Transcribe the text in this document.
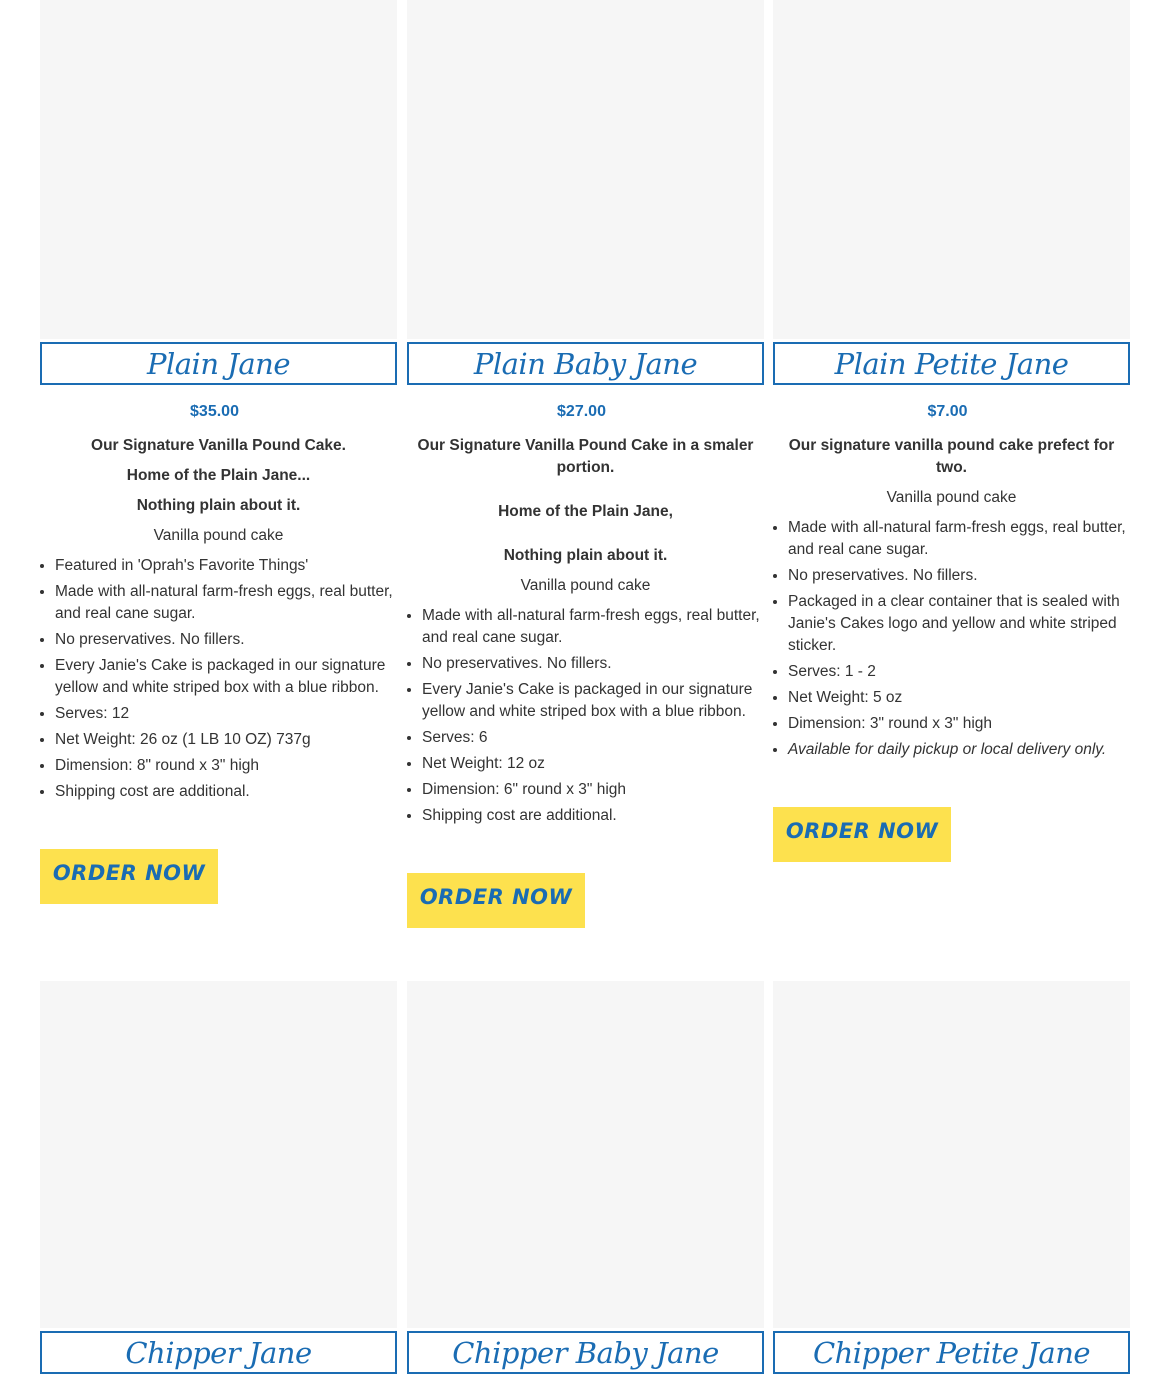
Plain Jane
$35.00

Our Signature Vanilla Pound Cake.

Home of the Plain Jane...

Nothing plain about it.

Vanilla pound cake

• Featured in 'Oprah's Favorite Things'
• Made with all-natural farm-fresh eggs, real butter, and real cane sugar.
• No preservatives. No fillers.
• Every Janie's Cake is packaged in our signature yellow and white striped box with a blue ribbon.
• Serves: 12
• Net Weight: 26 oz (1 LB 10 OZ) 737g
• Dimension: 8" round x 3" high
• Shipping cost are additional.
ORDER NOW
Plain Baby Jane
$27.00

Our Signature Vanilla Pound Cake in a smaler portion.

Home of the Plain Jane,

Nothing plain about it.

Vanilla pound cake

• Made with all-natural farm-fresh eggs, real butter, and real cane sugar.
• No preservatives. No fillers.
• Every Janie's Cake is packaged in our signature yellow and white striped box with a blue ribbon.
• Serves: 6
• Net Weight: 12 oz
• Dimension: 6" round x 3" high
• Shipping cost are additional.
ORDER NOW
Plain Petite Jane
$7.00

Our signature vanilla pound cake prefect for two.

Vanilla pound cake

• Made with all-natural farm-fresh eggs, real butter, and real cane sugar.
• No preservatives. No fillers.
• Packaged in a clear container that is sealed with Janie's Cakes logo and yellow and white striped sticker.
• Serves: 1 - 2
• Net Weight: 5 oz
• Dimension: 3" round x 3" high
• Available for daily pickup or local delivery only.
ORDER NOW
Chipper Jane	Chipper Baby Jane	Chipper Petite Jane
